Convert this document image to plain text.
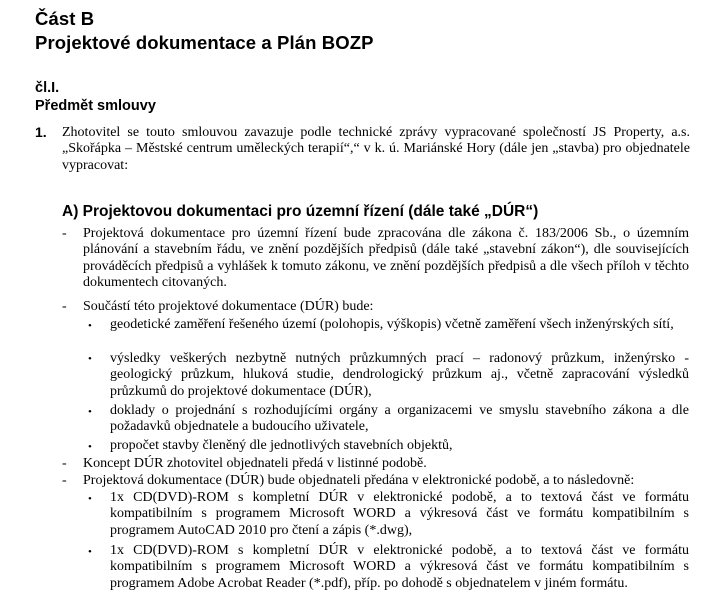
Část B
Projektové dokumentace a Plán BOZP
čl.I.
Předmět smlouvy
1. Zhotovitel se touto smlouvou zavazuje podle technické zprávy vypracované společností JS Property, a.s. „Skořápka – Městské centrum uměleckých terapií“,“ v k. ú. Mariánské Hory (dále jen „stavba) pro objednatele vypracovat:
A) Projektovou dokumentaci pro územní řízení (dále také „DÚR“)
- Projektová dokumentace pro územní řízení bude zpracována dle zákona č. 183/2006 Sb., o územním plánování a stavebním řádu, ve znění pozdějších předpisů (dále také „stavební zákon“), dle souvisejících prováděcích předpisů a vyhlášek k tomuto zákonu, ve znění pozdějších předpisů a dle všech příloh v těchto dokumentech citovaných.
- Součástí této projektové dokumentace (DÚR) bude:
• geodetické zaměření řešeného území (polohopis, výškopis) včetně zaměření všech inženýrských sítí,
• výsledky veškerých nezbytně nutných průzkumných prací – radonový průzkum, inženýrsko - geologický průzkum, hluková studie, dendrologický průzkum aj., včetně zapracování výsledků průzkumů do projektové dokumentace (DÚR),
• doklady o projednání s rozhodujícími orgány a organizacemi ve smyslu stavebního zákona a dle požadavků objednatele a budoucího uživatele,
• propočet stavby členěný dle jednotlivých stavebních objektů,
- Koncept DÚR zhotovitel objednateli předá v listinné podobě.
- Projektová dokumentace (DÚR) bude objednateli předána v elektronické podobě, a to následovně:
• 1x CD(DVD)-ROM s kompletní DÚR v elektronické podobě, a to textová část ve formátu kompatibilním s programem Microsoft WORD a výkresová část ve formátu kompatibilním s programem AutoCAD 2010 pro čtení a zápis (*.dwg),
• 1x CD(DVD)-ROM s kompletní DÚR v elektronické podobě, a to textová část ve formátu kompatibilním s programem Microsoft WORD a výkresová část ve formátu kompatibilním s programem Adobe Acrobat Reader (*.pdf), příp. po dohodě s objednatelem v jiném formátu.
